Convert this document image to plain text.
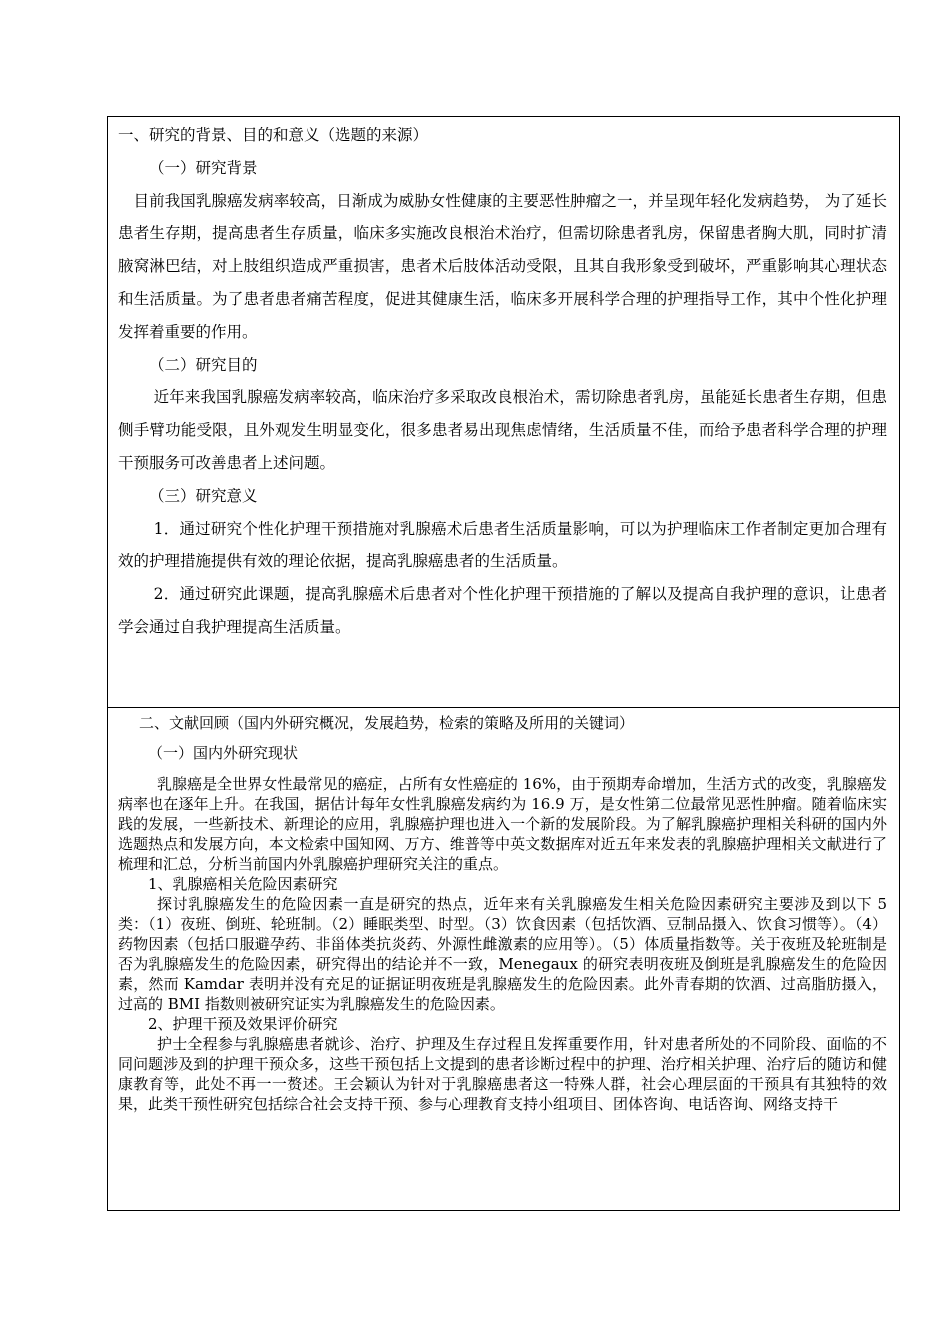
一、研究的背景、目的和意义（选题的来源）

（一）研究背景

目前我国乳腺癌发病率较高，日渐成为威胁女性健康的主要恶性肿瘤之一，并呈现年轻化发病趋势， 为了延长患者生存期，提高患者生存质量，临床多实施改良根治术治疗，但需切除患者乳房，保留患者胸大肌，同时扩清腋窝淋巴结，对上肢组织造成严重损害，患者术后肢体活动受限，且其自我形象受到破坏，严重影响其心理状态和生活质量。为了患者患者痛苦程度，促进其健康生活，临床多开展科学合理的护理指导工作，其中个性化护理发挥着重要的作用。

（二）研究目的

近年来我国乳腺癌发病率较高，临床治疗多采取改良根治术，需切除患者乳房，虽能延长患者生存期，但患侧手臂功能受限，且外观发生明显变化，很多患者易出现焦虑情绪，生活质量不佳，而给予患者科学合理的护理干预服务可改善患者上述问题。

（三）研究意义

1．通过研究个性化护理干预措施对乳腺癌术后患者生活质量影响，可以为护理临床工作者制定更加合理有效的护理措施提供有效的理论依据，提高乳腺癌患者的生活质量。

2．通过研究此课题，提高乳腺癌术后患者对个性化护理干预措施的了解以及提高自我护理的意识，让患者学会通过自我护理提高生活质量。

二、文献回顾（国内外研究概况，发展趋势，检索的策略及所用的关键词）

（一）国内外研究现状

乳腺癌是全世界女性最常见的癌症，占所有女性癌症的 16%，由于预期寿命增加，生活方式的改变，乳腺癌发病率也在逐年上升。在我国，据估计每年女性乳腺癌发病约为 16.9 万，是女性第二位最常见恶性肿瘤。随着临床实践的发展，一些新技术、新理论的应用，乳腺癌护理也进入一个新的发展阶段。为了解乳腺癌护理相关科研的国内外选题热点和发展方向，本文检索中国知网、万方、维普等中英文数据库对近五年来发表的乳腺癌护理相关文献进行了梳理和汇总，分析当前国内外乳腺癌护理研究关注的重点。

1、乳腺癌相关危险因素研究

探讨乳腺癌发生的危险因素一直是研究的热点，近年来有关乳腺癌发生相关危险因素研究主要涉及到以下 5类：（1）夜班、倒班、轮班制。（2）睡眠类型、时型。（3）饮食因素（包括饮酒、豆制品摄入、饮食习惯等）。（4）药物因素（包括口服避孕药、非甾体类抗炎药、外源性雌激素的应用等）。（5）体质量指数等。关于夜班及轮班制是否为乳腺癌发生的危险因素，研究得出的结论并不一致，Menegaux 的研究表明夜班及倒班是乳腺癌发生的危险因素，然而 Kamdar 表明并没有充足的证据证明夜班是乳腺癌发生的危险因素。此外青春期的饮酒、过高脂肪摄入，过高的 BMI 指数则被研究证实为乳腺癌发生的危险因素。

2、护理干预及效果评价研究

护士全程参与乳腺癌患者就诊、治疗、护理及生存过程且发挥重要作用，针对患者所处的不同阶段、面临的不同问题涉及到的护理干预众多，这些干预包括上文提到的患者诊断过程中的护理、治疗相关护理、治疗后的随访和健康教育等，此处不再一一赘述。王会颖认为针对于乳腺癌患者这一特殊人群，社会心理层面的干预具有其独特的效果，此类干预性研究包括综合社会支持干预、参与心理教育支持小组项目、团体咨询、电话咨询、网络支持干
